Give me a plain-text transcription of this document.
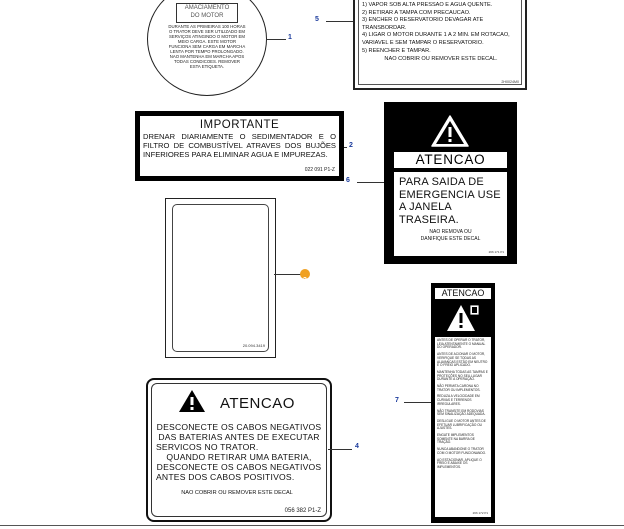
AMACIAMENTO
DO MOTOR
DURANTE AS PRIMEIRAS 100 HORAS O TRATOR DEVE SER UTILIZADO EM SERVIÇOS ATINGINDO O MOTOR EM MEIO CARGA. ESTE MOTOR FUNCIONA SEM CARGA EM MARCHA LENTA POR TEMPO PROLONGADO. NAO MANTENHA EM MARCHA APOS TODAS CONDICOES. REMOVER ESTA ETIQUETA.
1
1) VAPOR SOB ALTA PRESSAO E AGUA QUENTE.
2) RETIRAR A TAMPA COM PRECAUCAO.
3) ENCHER O RESERVATORIO DEVAGAR ATE TRANSBORDAR.
4) LIGAR O MOTOR DURANTE 1 A 2 MIN. EM ROTACAO, VARIAVEL E SEM TAMPAR O RESERVATORIO.
5) REENCHER E TAMPAR.
NAO COBRIR OU REMOVER ESTE DECAL.
2H0024M0
5
IMPORTANTE
DRENAR DIARIAMENTE O SEDIMENTADOR E O FILTRO DE COMBUSTÍVEL ATRAVES DOS BUJÕES INFERIORES PARA ELIMINAR AGUA E IMPUREZAS.
022 091 P1-Z
2
ATENCAO
PARA SAIDA DE EMERGENCIA USE A JANELA TRASEIRA.
NAO REMOVA OU
DANIFIQUE ESTE DECAL
266 171 P1
6
20.094.3419
3
ATENCAO
ANTES DE OPERAR O TRATOR, LEIA ATENTAMENTE O MANUAL DO OPERADOR.
ANTES DE ACIONAR O MOTOR, VERIFIQUE SE TODAS AS ALAVANCAS ESTÃO EM NEUTRO E O FREIO APLICADO.
MANTENHA TODAS AS TAMPAS E PROTEÇÕES NO SEU LUGAR DURANTE A OPERAÇÃO.
NÃO PERMITA CARONA NO TRATOR OU IMPLEMENTOS.
REDUZA A VELOCIDADE EM CURVAS E TERRENOS IRREGULARES.
NÃO TRANSITE EM RODOVIAS SEM SINALIZAÇÃO ADEQUADA.
DESLIGUE O MOTOR ANTES DE EFETUAR LUBRIFICAÇÃO OU AJUSTES.
ENGATE IMPLEMENTOS SOMENTE NA BARRA DE TRAÇÃO.
NUNCA ABANDONE O TRATOR COM O MOTOR FUNCIONANDO.
AO ESTACIONAR, APLIQUE O FREIO E ABAIXE OS IMPLEMENTOS.
266 172 P1
7
ATENCAO
DESCONECTE OS CABOS NEGATIVOS
DAS BATERIAS ANTES DE EXECUTAR
SERVICOS NO TRATOR.
QUANDO RETIRAR UMA BATERIA,
DESCONECTE OS CABOS NEGATIVOS
ANTES DOS CABOS POSITIVOS.
NAO COBRIR OU REMOVER ESTE DECAL
056 382 P1-Z
4
